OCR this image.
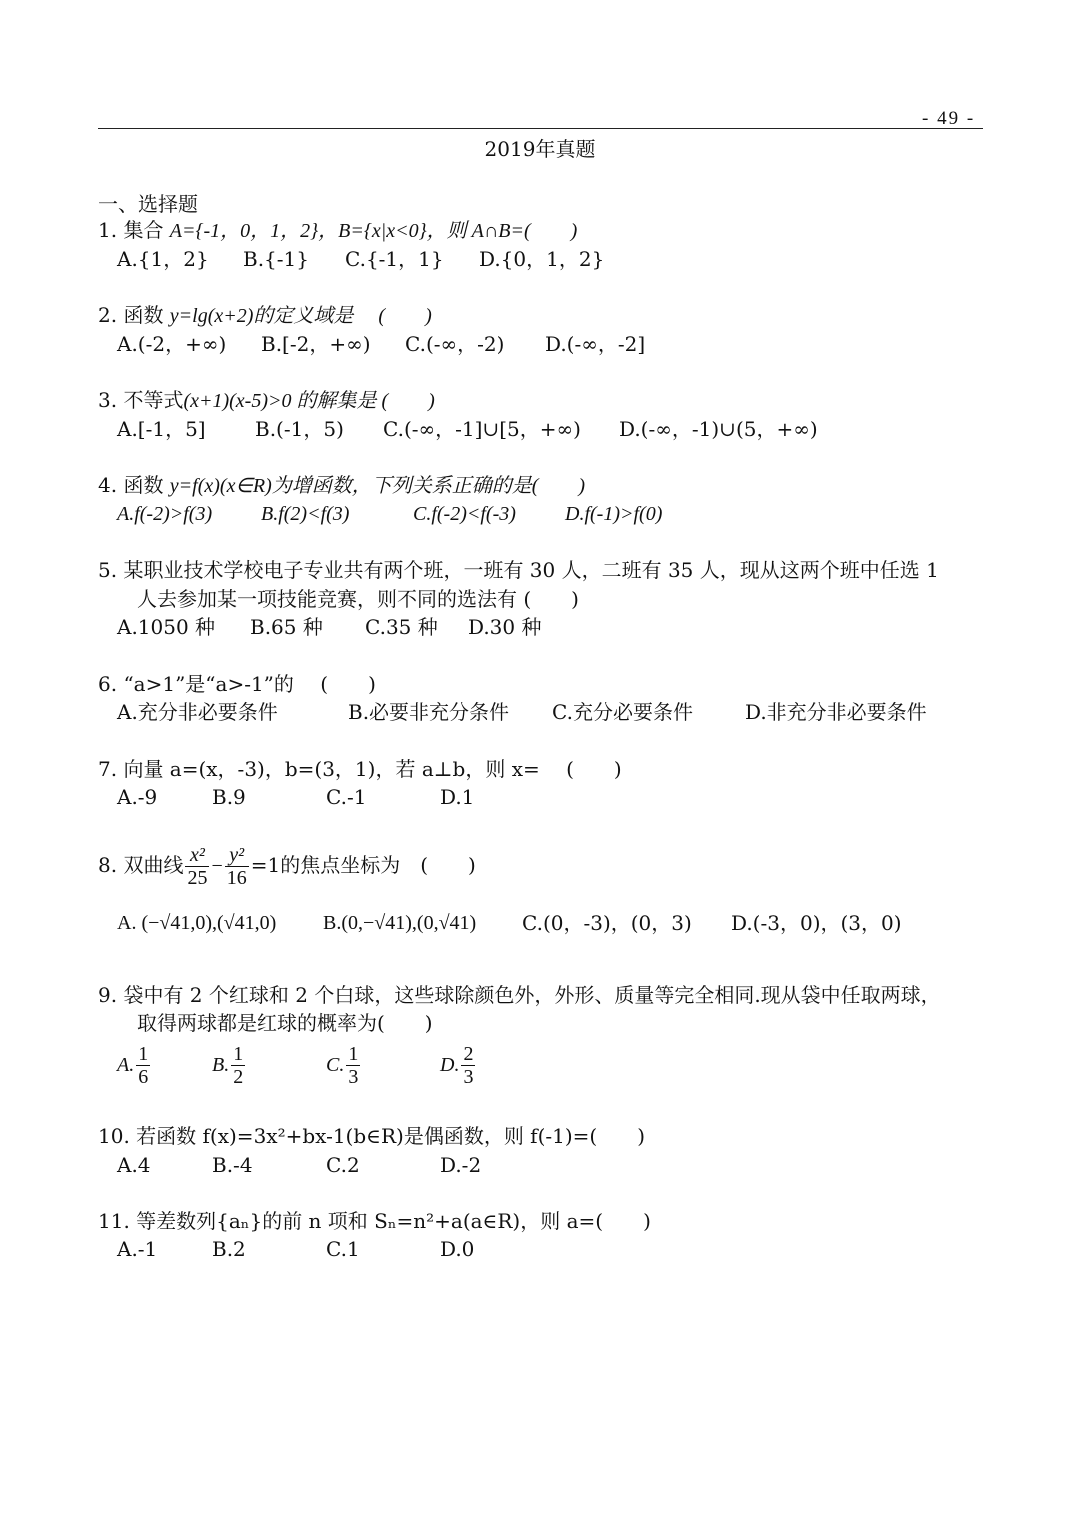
- 49 -
2019年真题
一、选择题
1. 集合 A={-1，0，1，2}，B={x|x<0}，则 A∩B=(　　)
A.{1，2} B.{-1} C.{-1，1} D.{0，1，2}
2. 函数 y=lg(x+2)的定义域是　 (　　)
A.(-2，+∞) B.[-2，+∞) C.(-∞，-2) D.(-∞，-2]
3. 不等式(x+1)(x-5)>0 的解集是 (　　)
A.[-1，5] B.(-1，5) C.(-∞，-1]∪[5，+∞) D.(-∞，-1)∪(5，+∞)
4. 函数 y=f(x)(x∈R)为增函数，下列关系正确的是(　　)
A.f(-2)>f(3) B.f(2)<f(3)	C.f(-2)<f(-3) D.f(-1)>f(0)
5. 某职业技术学校电子专业共有两个班，一班有 30 人，二班有 35 人，现从这两个班中任选 1
人去参加某一项技能竞赛，则不同的选法有 (　　)
A.1050 种 B.65 种 C.35 种 D.30 种
6. “a>1”是“a>-1”的　 (　　)
A.充分非必要条件	B.必要非充分条件 C.充分必要条件	D.非充分非必要条件
7. 向量 a=(x，-3)，b=(3，1)，若 a⊥b，则 x=　 (　　)
A.-9	B.9	C.-1	D.1
8. 双曲线 $\frac{\text{x²}}{25} - \frac{\text{y²}}{16} =1$的焦点坐标为　(　　)
A. (−√41,0),(√41,0) B.(0,−√41),(0,√41) C.(0，-3)，(0，3) D.(-3，0)，(3，0)
9. 袋中有 2 个红球和 2 个白球，这些球除颜色外，外形、质量等完全相同.现从袋中任取两球，
取得两球都是红球的概率为(　　)
A. $\frac{1}{6}$	B. $\frac{1}{2}$	C. $\frac{1}{3}$	D. $\frac{2}{3}$
10. 若函数 f(x)=3x²+bx-1(b∈R)是偶函数，则 f(-1)=(　　)
A.4	B.-4	C.2	D.-2
11. 等差数列{aₙ}的前 n 项和 Sₙ=n²+a(a∈R)，则 a=(　　)
A.-1	B.2	C.1	D.0
